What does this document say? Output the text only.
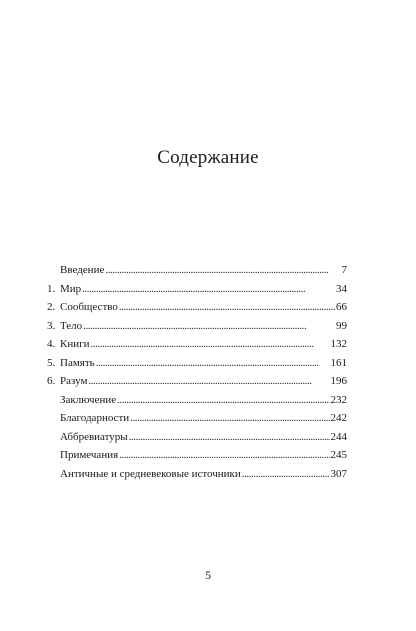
Содержание
Введение . . .	7
1. Мир . . .	34
2. Сообщество . . .	66
3. Тело . . .	99
4. Книги . . .	132
5. Память . . .	161
6. Разум . . .	196
Заключение . . .	232
Благодарности . . .	242
Аббревиатуры . . .	244
Примечания . . .	245
Античные и средневековые источники . . .	307
5
